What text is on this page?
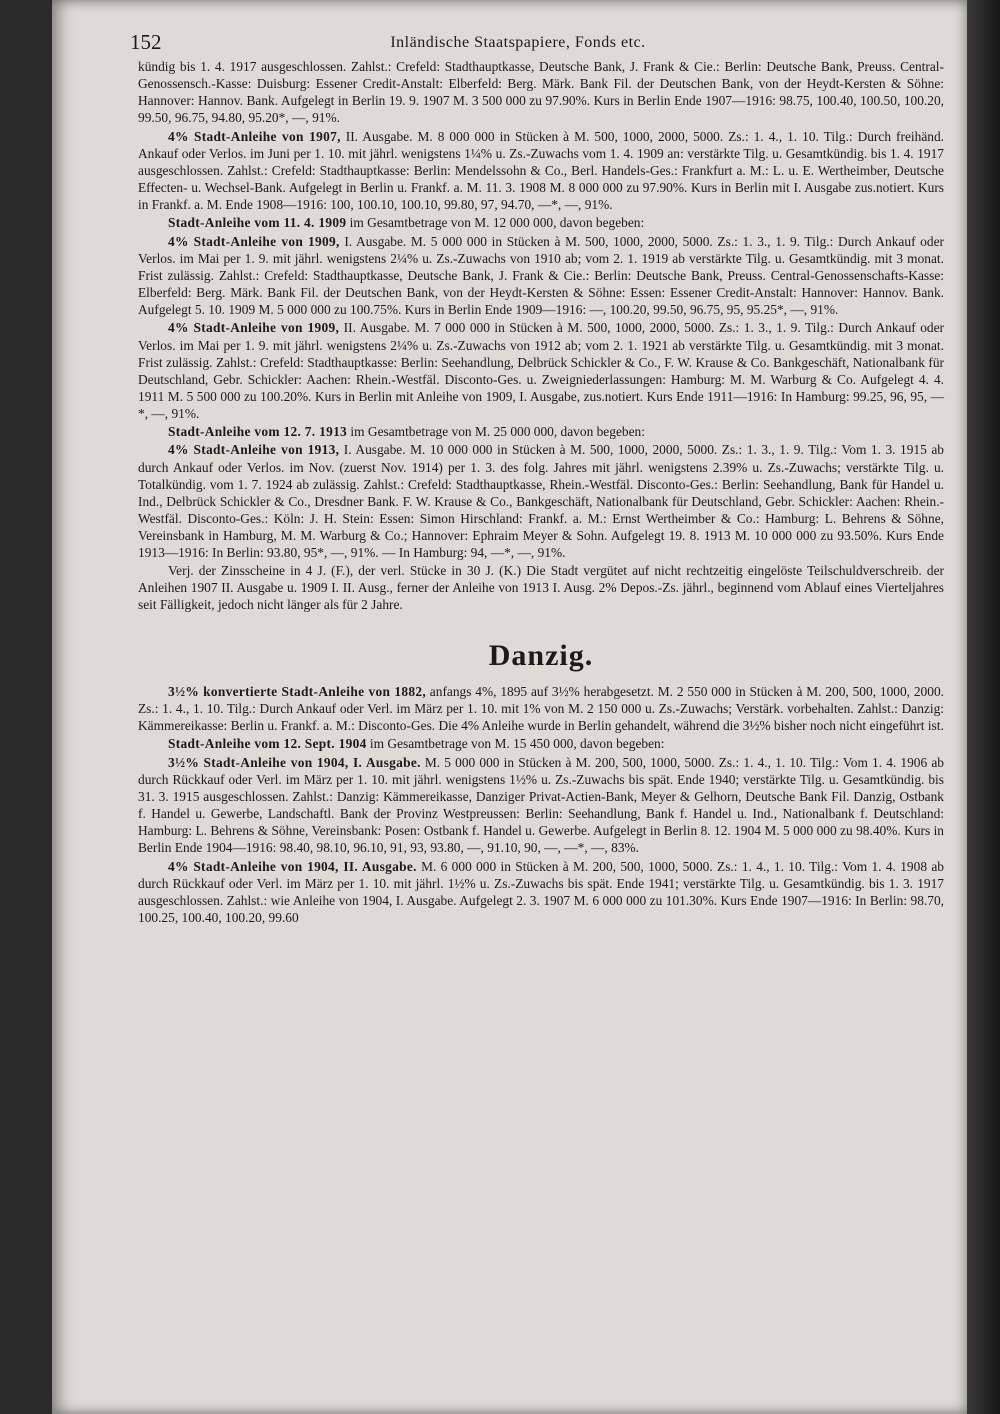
152	Inländische Staatspapiere, Fonds etc.

kündig bis 1. 4. 1917 ausgeschlossen. Zahlst.: Crefeld: Stadthauptkasse, Deutsche Bank, J. Frank & Cie.: Berlin: Deutsche Bank, Preuss. Central-Genossensch.-Kasse: Duisburg: Essener Credit-Anstalt: Elberfeld: Berg. Märk. Bank Fil. der Deutschen Bank, von der Heydt-Kersten & Söhne: Hannover: Hannov. Bank. Aufgelegt in Berlin 19. 9. 1907 M. 3 500 000 zu 97.90%. Kurs in Berlin Ende 1907—1916: 98.75, 100.40, 100.50, 100.20, 99.50, 96.75, 94.80, 95.20*, —, 91%.

4% Stadt-Anleihe von 1907, II. Ausgabe. M. 8 000 000 in Stücken à M. 500, 1000, 2000, 5000. Zs.: 1. 4., 1. 10. Tilg.: Durch freihänd. Ankauf oder Verlos. im Juni per 1. 10. mit jährl. wenigstens 1¼% u. Zs.-Zuwachs vom 1. 4. 1909 an: verstärkte Tilg. u. Gesamtkündig. bis 1. 4. 1917 ausgeschlossen. Zahlst.: Crefeld: Stadthauptkasse: Berlin: Mendelssohn & Co., Berl. Handels-Ges.: Frankfurt a. M.: L. u. E. Wertheimber, Deutsche Effecten- u. Wechsel-Bank. Aufgelegt in Berlin u. Frankf. a. M. 11. 3. 1908 M. 8 000 000 zu 97.90%. Kurs in Berlin mit I. Ausgabe zus.notiert. Kurs in Frankf. a. M. Ende 1908—1916: 100, 100.10, 100.10, 99.80, 97, 94.70, —*, —, 91%.

Stadt-Anleihe vom 11. 4. 1909 im Gesamtbetrage von M. 12 000 000, davon begeben:

4% Stadt-Anleihe von 1909, I. Ausgabe. M. 5 000 000 in Stücken à M. 500, 1000, 2000, 5000. Zs.: 1. 3., 1. 9. Tilg.: Durch Ankauf oder Verlos. im Mai per 1. 9. mit jährl. wenigstens 2¼% u. Zs.-Zuwachs von 1910 ab; vom 2. 1. 1919 ab verstärkte Tilg. u. Gesamtkündig. mit 3 monat. Frist zulässig. Zahlst.: Crefeld: Stadthauptkasse, Deutsche Bank, J. Frank & Cie.: Berlin: Deutsche Bank, Preuss. Central-Genossenschafts-Kasse: Elberfeld: Berg. Märk. Bank Fil. der Deutschen Bank, von der Heydt-Kersten & Söhne: Essen: Essener Credit-Anstalt: Hannover: Hannov. Bank. Aufgelegt 5. 10. 1909 M. 5 000 000 zu 100.75%. Kurs in Berlin Ende 1909—1916: —, 100.20, 99.50, 96.75, 95, 95.25*, —, 91%.

4% Stadt-Anleihe von 1909, II. Ausgabe. M. 7 000 000 in Stücken à M. 500, 1000, 2000, 5000. Zs.: 1. 3., 1. 9. Tilg.: Durch Ankauf oder Verlos. im Mai per 1. 9. mit jährl. wenigstens 2¼% u. Zs.-Zuwachs von 1912 ab; vom 2. 1. 1921 ab verstärkte Tilg. u. Gesamtkündig. mit 3 monat. Frist zulässig. Zahlst.: Crefeld: Stadthauptkasse: Berlin: Seehandlung, Delbrück Schickler & Co., F. W. Krause & Co. Bankgeschäft, Nationalbank für Deutschland, Gebr. Schickler: Aachen: Rhein.-Westfäl. Disconto-Ges. u. Zweigniederlassungen: Hamburg: M. M. Warburg & Co. Aufgelegt 4. 4. 1911 M. 5 500 000 zu 100.20%. Kurs in Berlin mit Anleihe von 1909, I. Ausgabe, zus.notiert. Kurs Ende 1911—1916: In Hamburg: 99.25, 96, 95, —*, —, 91%.

Stadt-Anleihe vom 12. 7. 1913 im Gesamtbetrage von M. 25 000 000, davon begeben:

4% Stadt-Anleihe von 1913, I. Ausgabe. M. 10 000 000 in Stücken à M. 500, 1000, 2000, 5000. Zs.: 1. 3., 1. 9. Tilg.: Vom 1. 3. 1915 ab durch Ankauf oder Verlos. im Nov. (zuerst Nov. 1914) per 1. 3. des folg. Jahres mit jährl. wenigstens 2.39% u. Zs.-Zuwachs; verstärkte Tilg. u. Totalkündig. vom 1. 7. 1924 ab zulässig. Zahlst.: Crefeld: Stadthauptkasse, Rhein.-Westfäl. Disconto-Ges.: Berlin: Seehandlung, Bank für Handel u. Ind., Delbrück Schickler & Co., Dresdner Bank. F. W. Krause & Co., Bankgeschäft, Nationalbank für Deutschland, Gebr. Schickler: Aachen: Rhein.-Westfäl. Disconto-Ges.: Köln: J. H. Stein: Essen: Simon Hirschland: Frankf. a. M.: Ernst Wertheimber & Co.: Hamburg: L. Behrens & Söhne, Vereinsbank in Hamburg, M. M. Warburg & Co.; Hannover: Ephraim Meyer & Sohn. Aufgelegt 19. 8. 1913 M. 10 000 000 zu 93.50%. Kurs Ende 1913—1916: In Berlin: 93.80, 95*, —, 91%. — In Hamburg: 94, —*, —, 91%.

Verj. der Zinsscheine in 4 J. (F.), der verl. Stücke in 30 J. (K.) Die Stadt vergütet auf nicht rechtzeitig eingelöste Teilschuldverschreib. der Anleihen 1907 II. Ausgabe u. 1909 I. II. Ausg., ferner der Anleihe von 1913 I. Ausg. 2% Depos.-Zs. jährl., beginnend vom Ablauf eines Vierteljahres seit Fälligkeit, jedoch nicht länger als für 2 Jahre.

Danzig.

3½% konvertierte Stadt-Anleihe von 1882, anfangs 4%, 1895 auf 3½% herabgesetzt. M. 2 550 000 in Stücken à M. 200, 500, 1000, 2000. Zs.: 1. 4., 1. 10. Tilg.: Durch Ankauf oder Verl. im März per 1. 10. mit 1% von M. 2 150 000 u. Zs.-Zuwachs; Verstärk. vorbehalten. Zahlst.: Danzig: Kämmereikasse: Berlin u. Frankf. a. M.: Disconto-Ges. Die 4% Anleihe wurde in Berlin gehandelt, während die 3½% bisher noch nicht eingeführt ist.

Stadt-Anleihe vom 12. Sept. 1904 im Gesamtbetrage von M. 15 450 000, davon begeben:

3½% Stadt-Anleihe von 1904, I. Ausgabe. M. 5 000 000 in Stücken à M. 200, 500, 1000, 5000. Zs.: 1. 4., 1. 10. Tilg.: Vom 1. 4. 1906 ab durch Rückkauf oder Verl. im März per 1. 10. mit jährl. wenigstens 1½% u. Zs.-Zuwachs bis spät. Ende 1940; verstärkte Tilg. u. Gesamtkündig. bis 31. 3. 1915 ausgeschlossen. Zahlst.: Danzig: Kämmereikasse, Danziger Privat-Actien-Bank, Meyer & Gelhorn, Deutsche Bank Fil. Danzig, Ostbank f. Handel u. Gewerbe, Landschaftl. Bank der Provinz Westpreussen: Berlin: Seehandlung, Bank f. Handel u. Ind., Nationalbank f. Deutschland: Hamburg: L. Behrens & Söhne, Vereinsbank: Posen: Ostbank f. Handel u. Gewerbe. Aufgelegt in Berlin 8. 12. 1904 M. 5 000 000 zu 98.40%. Kurs in Berlin Ende 1904—1916: 98.40, 98.10, 96.10, 91, 93, 93.80, —, 91.10, 90, —, —*, —, 83%.

4% Stadt-Anleihe von 1904, II. Ausgabe. M. 6 000 000 in Stücken à M. 200, 500, 1000, 5000. Zs.: 1. 4., 1. 10. Tilg.: Vom 1. 4. 1908 ab durch Rückkauf oder Verl. im März per 1. 10. mit jährl. 1½% u. Zs.-Zuwachs bis spät. Ende 1941; verstärkte Tilg. u. Gesamtkündig. bis 1. 3. 1917 ausgeschlossen. Zahlst.: wie Anleihe von 1904, I. Ausgabe. Aufgelegt 2. 3. 1907 M. 6 000 000 zu 101.30%. Kurs Ende 1907—1916: In Berlin: 98.70, 100.25, 100.40, 100.20, 99.60
